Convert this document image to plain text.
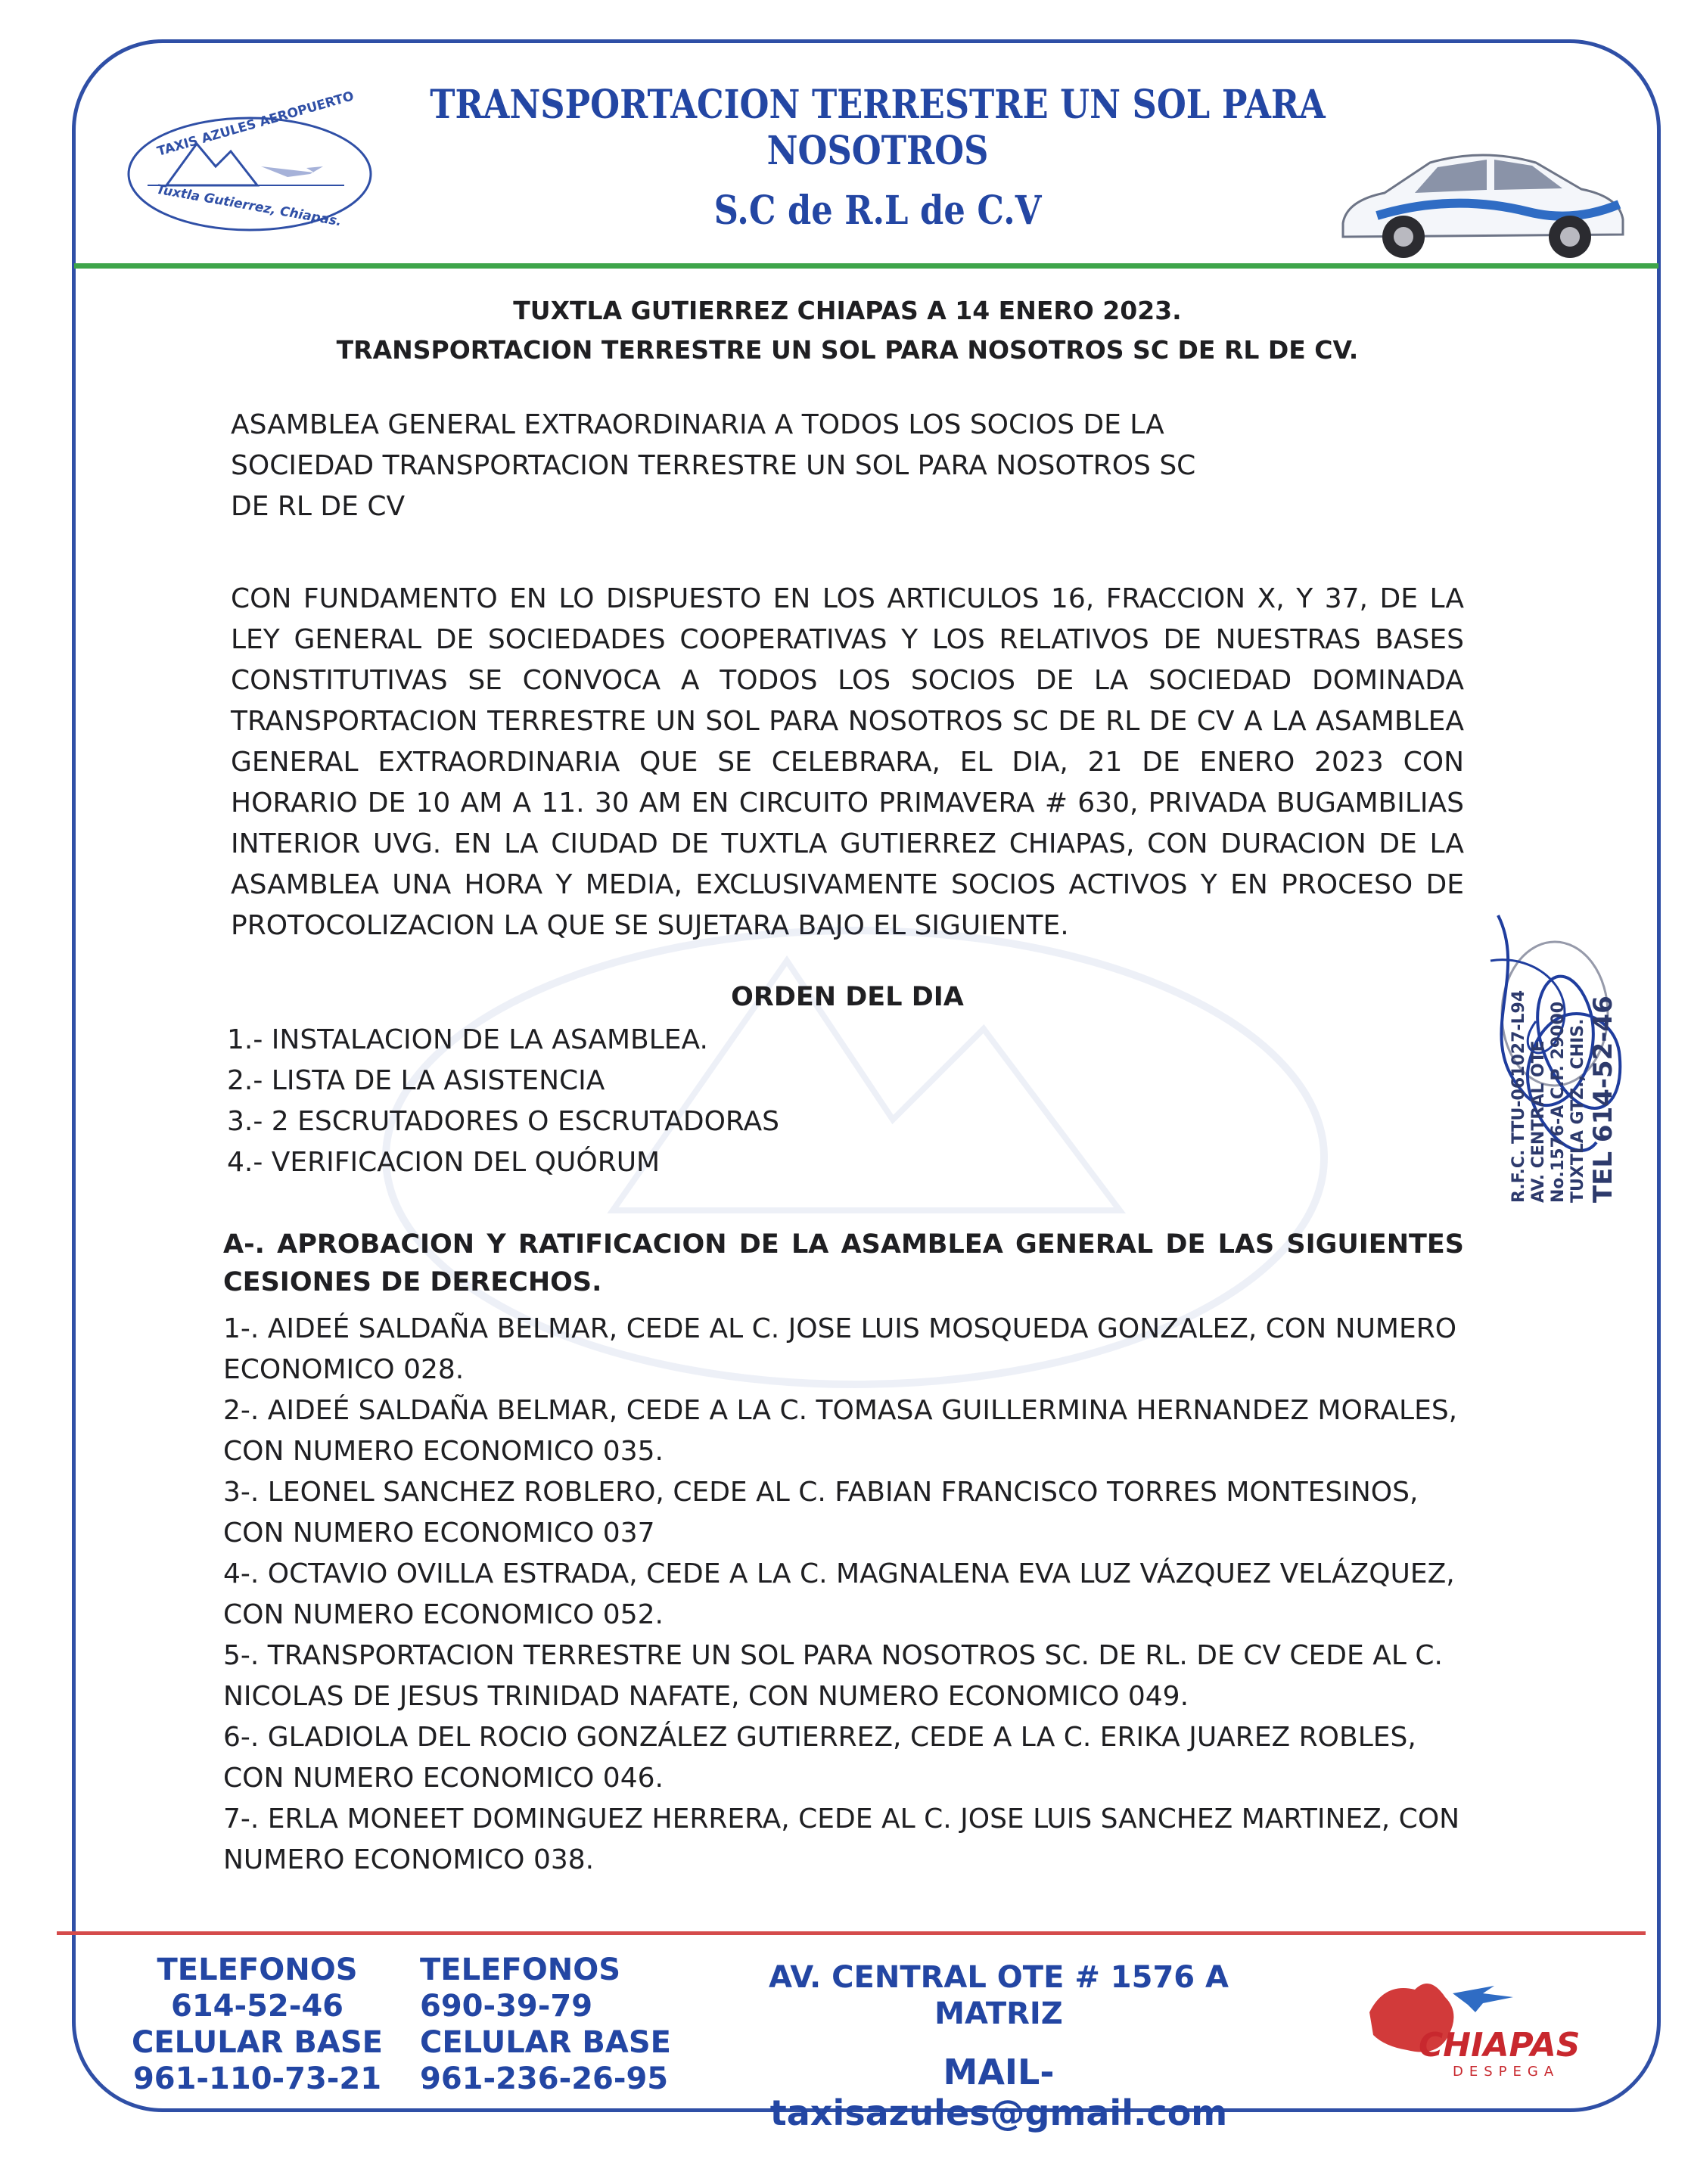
TAXIS AZULES AEROPUERTO
Tuxtla Gutierrez, Chiapas.
TRANSPORTACION TERRESTRE UN SOL PARA NOSOTROS
S.C de R.L de C.V
TUXTLA GUTIERREZ CHIAPAS A 14 ENERO 2023.
TRANSPORTACION TERRESTRE UN SOL PARA NOSOTROS SC DE RL DE CV.
ASAMBLEA GENERAL EXTRAORDINARIA A TODOS LOS SOCIOS DE LA SOCIEDAD TRANSPORTACION TERRESTRE UN SOL PARA NOSOTROS SC DE RL DE CV
CON FUNDAMENTO EN LO DISPUESTO EN LOS ARTICULOS 16, FRACCION X, Y 37, DE LA LEY GENERAL DE SOCIEDADES COOPERATIVAS Y LOS RELATIVOS DE NUESTRAS BASES CONSTITUTIVAS SE CONVOCA A TODOS LOS SOCIOS DE LA SOCIEDAD DOMINADA TRANSPORTACION TERRESTRE UN SOL PARA NOSOTROS SC DE RL DE CV A LA ASAMBLEA GENERAL EXTRAORDINARIA QUE SE CELEBRARA, EL DIA, 21 DE ENERO 2023 CON HORARIO DE 10 AM A 11. 30 AM EN CIRCUITO PRIMAVERA # 630, PRIVADA BUGAMBILIAS INTERIOR UVG. EN LA CIUDAD DE TUXTLA GUTIERREZ CHIAPAS, CON DURACION DE LA ASAMBLEA UNA HORA Y MEDIA, EXCLUSIVAMENTE SOCIOS ACTIVOS Y EN PROCESO DE PROTOCOLIZACION LA QUE SE SUJETARA BAJO EL SIGUIENTE.
ORDEN DEL DIA
1.- INSTALACION DE LA ASAMBLEA.
2.- LISTA DE LA ASISTENCIA
3.- 2 ESCRUTADORES O ESCRUTADORAS
4.- VERIFICACION DEL QUÓRUM
A-. APROBACION Y RATIFICACION DE LA ASAMBLEA GENERAL DE LAS SIGUIENTES CESIONES DE DERECHOS.
1-. AIDEÉ SALDAÑA BELMAR, CEDE AL C. JOSE LUIS MOSQUEDA GONZALEZ, CON NUMERO ECONOMICO 028.
2-. AIDEÉ SALDAÑA BELMAR, CEDE A LA C. TOMASA GUILLERMINA HERNANDEZ MORALES, CON NUMERO ECONOMICO 035.
3-. LEONEL SANCHEZ ROBLERO, CEDE AL C. FABIAN FRANCISCO TORRES MONTESINOS, CON NUMERO ECONOMICO 037
4-. OCTAVIO OVILLA ESTRADA, CEDE A LA C. MAGNALENA EVA LUZ VÁZQUEZ VELÁZQUEZ, CON NUMERO ECONOMICO 052.
5-. TRANSPORTACION TERRESTRE UN SOL PARA NOSOTROS SC. DE RL. DE CV CEDE AL C. NICOLAS DE JESUS TRINIDAD NAFATE, CON NUMERO ECONOMICO 049.
6-. GLADIOLA DEL ROCIO GONZÁLEZ GUTIERREZ, CEDE A LA C. ERIKA JUAREZ ROBLES, CON NUMERO ECONOMICO 046.
7-. ERLA MONEET DOMINGUEZ HERRERA, CEDE AL C. JOSE LUIS SANCHEZ MARTINEZ, CON NUMERO ECONOMICO 038.
R.F.C. TTU-061027-L94 AV. CENTRAL OTE No.1576-A C.P. 29000 TUXTLA GTZ., CHIS. TEL 614-52-46
TELEFONOS
614-52-46
CELULAR BASE
961-110-73-21
TELEFONOS
690-39-79
CELULAR BASE
961-236-26-95
AV. CENTRAL OTE # 1576 A
MATRIZ
MAIL- taxisazules@gmail.com
CHIAPAS
DESPEGA
